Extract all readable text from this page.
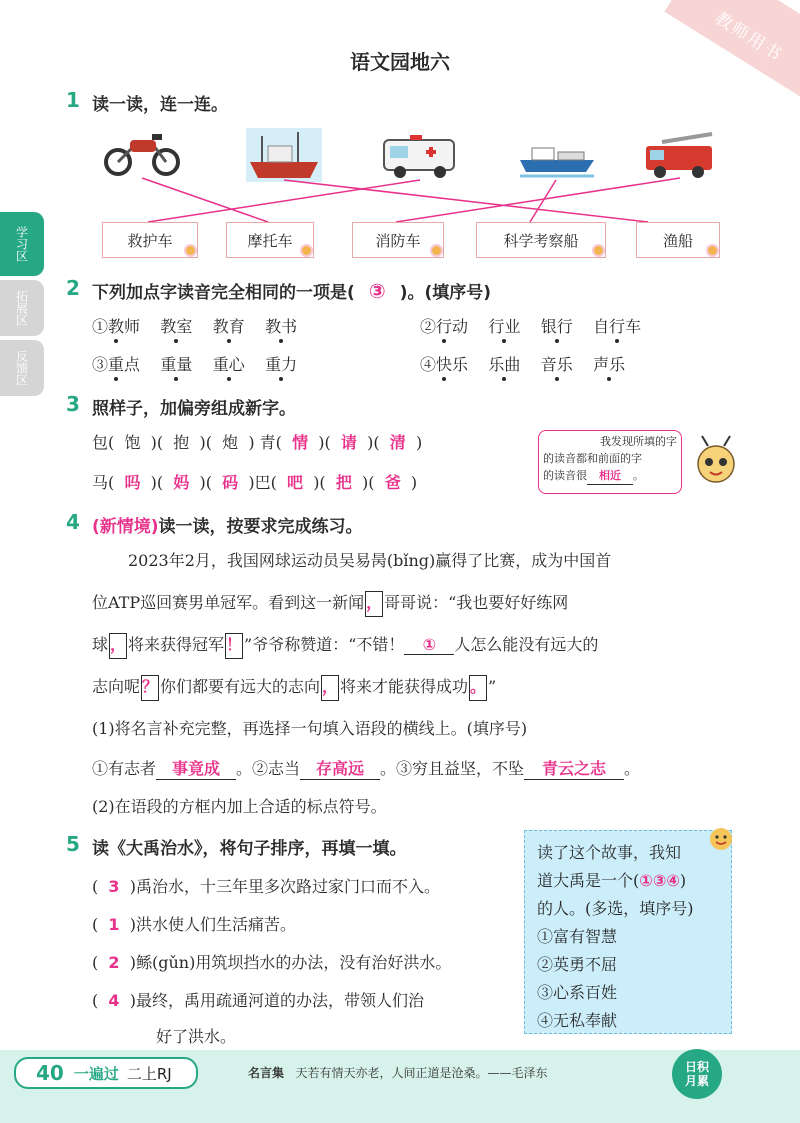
教师用书
语文园地六
学习区
拓展区
反馈区
1 读一读，连一连。
救护车	摩托车	消防车	科学考察船	渔船
2 下列加点字读音完全相同的一项是( ③ )。(填序号)
①教师 教室 教育 教书	②行动 行业 银行 自行车
③重点 重量 重心 重力	④快乐 乐曲 音乐 声乐
3 照样子，加偏旁组成新字。
包(  饱  )(  抱  )(  炮  ) 青(  情  )(  请  )(  清  )
马(  吗  )(  妈  )(  码  )巴(  吧  )(  把  )(  爸  )
我发现所填的字
的读音都和前面的字
的读音很 相近 。
4 (新情境)读一读，按要求完成练习。
2023年2月，我国网球运动员吴易昺(bǐng)赢得了比赛，成为中国首
位ATP巡回赛男单冠军。看到这一新闻 ， 哥哥说：“我也要好好练网
球 ， 将来获得冠军 ！ ”爷爷称赞道：“不错！ ① 人怎么能没有远大的
志向呢 ？ 你们都要有远大的志向 ， 将来才能获得成功 。 ”
(1)将名言补充完整，再选择一句填入语段的横线上。(填序号)
①有志者 事竟成 。②志当 存高远 。③穷且益坚，不坠 青云之志 。
(2)在语段的方框内加上合适的标点符号。
5 读《大禹治水》，将句子排序，再填一填。
(  3  )禹治水，十三年里多次路过家门口而不入。
(  1  )洪水使人们生活痛苦。
(  2  )鲧(gǔn)用筑坝挡水的办法，没有治好洪水。
(  4  )最终，禹用疏通河道的办法，带领人们治
好了洪水。
读了这个故事，我知
道大禹是一个(①③④)
的人。(多选，填序号)
①富有智慧
②英勇不屈
③心系百姓
④无私奉献
40 一遍过 二上RJ	名言集 天若有情天亦老，人间正道是沧桑。——毛泽东	日积
月累
